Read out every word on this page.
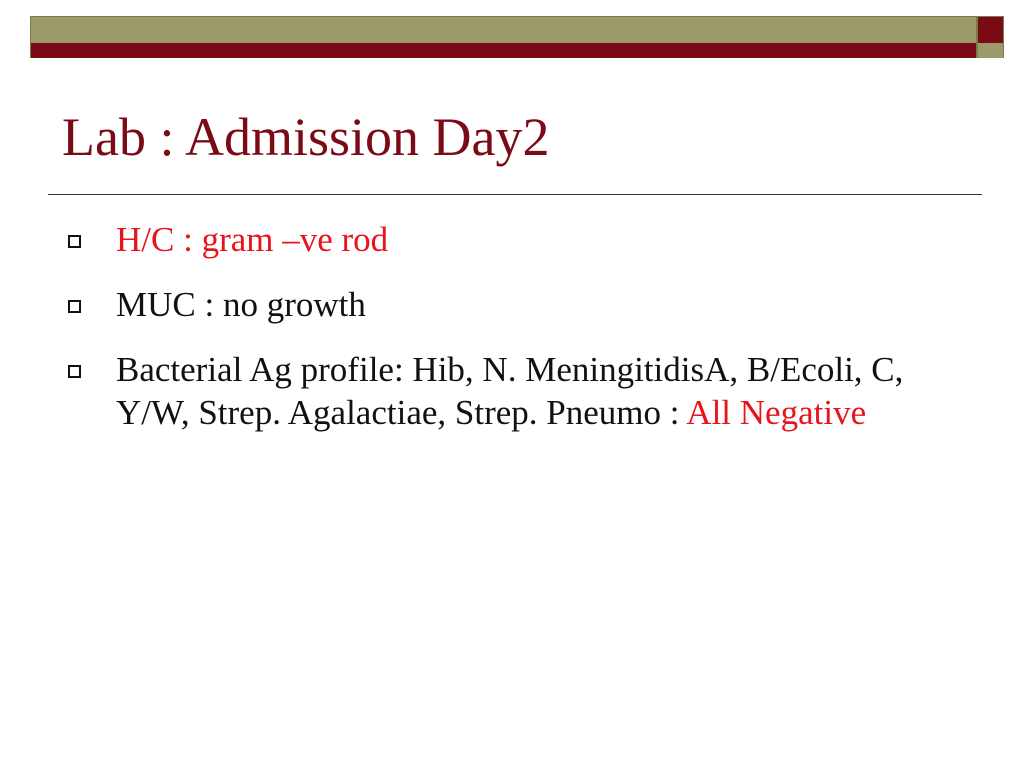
Lab : Admission Day2
H/C : gram –ve rod
MUC : no growth
Bacterial Ag profile: Hib, N. MeningitidisA, B/Ecoli, C, Y/W, Strep. Agalactiae, Strep. Pneumo : All Negative
